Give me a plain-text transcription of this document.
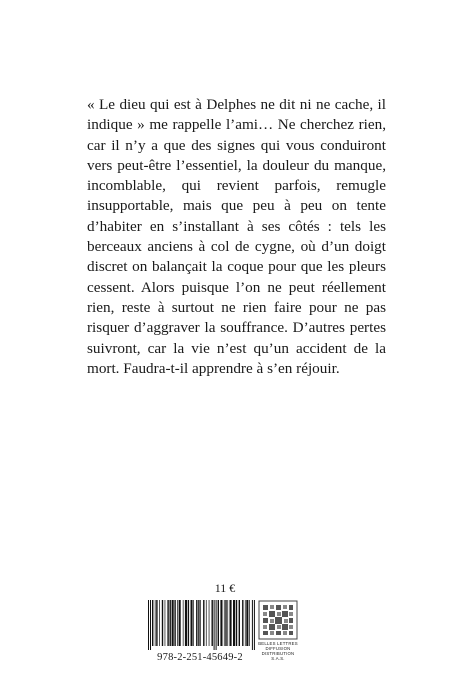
« Le dieu qui est à Delphes ne dit ni ne cache, il indique » me rappelle l’ami… Ne cherchez rien, car il n’y a que des signes qui vous conduiront vers peut-être l’essentiel, la douleur du manque, incomblable, qui revient parfois, remugle insupportable, mais que peu à peu on tente d’habiter en s’installant à ses côtés : tels les berceaux anciens à col de cygne, où d’un doigt discret on balançait la coque pour que les pleurs cessent. Alors puisque l’on ne peut réellement rien, reste à surtout ne rien faire pour ne pas risquer d’aggraver la souffrance. D’autres pertes suivront, car la vie n’est qu’un accident de la mort. Faudra-t-il apprendre à s’en réjouir.

11 €
978-2-251-45649-2
BELLES LETTRES
DIFFUSION
DISTRIBUTION
S.A.S.
